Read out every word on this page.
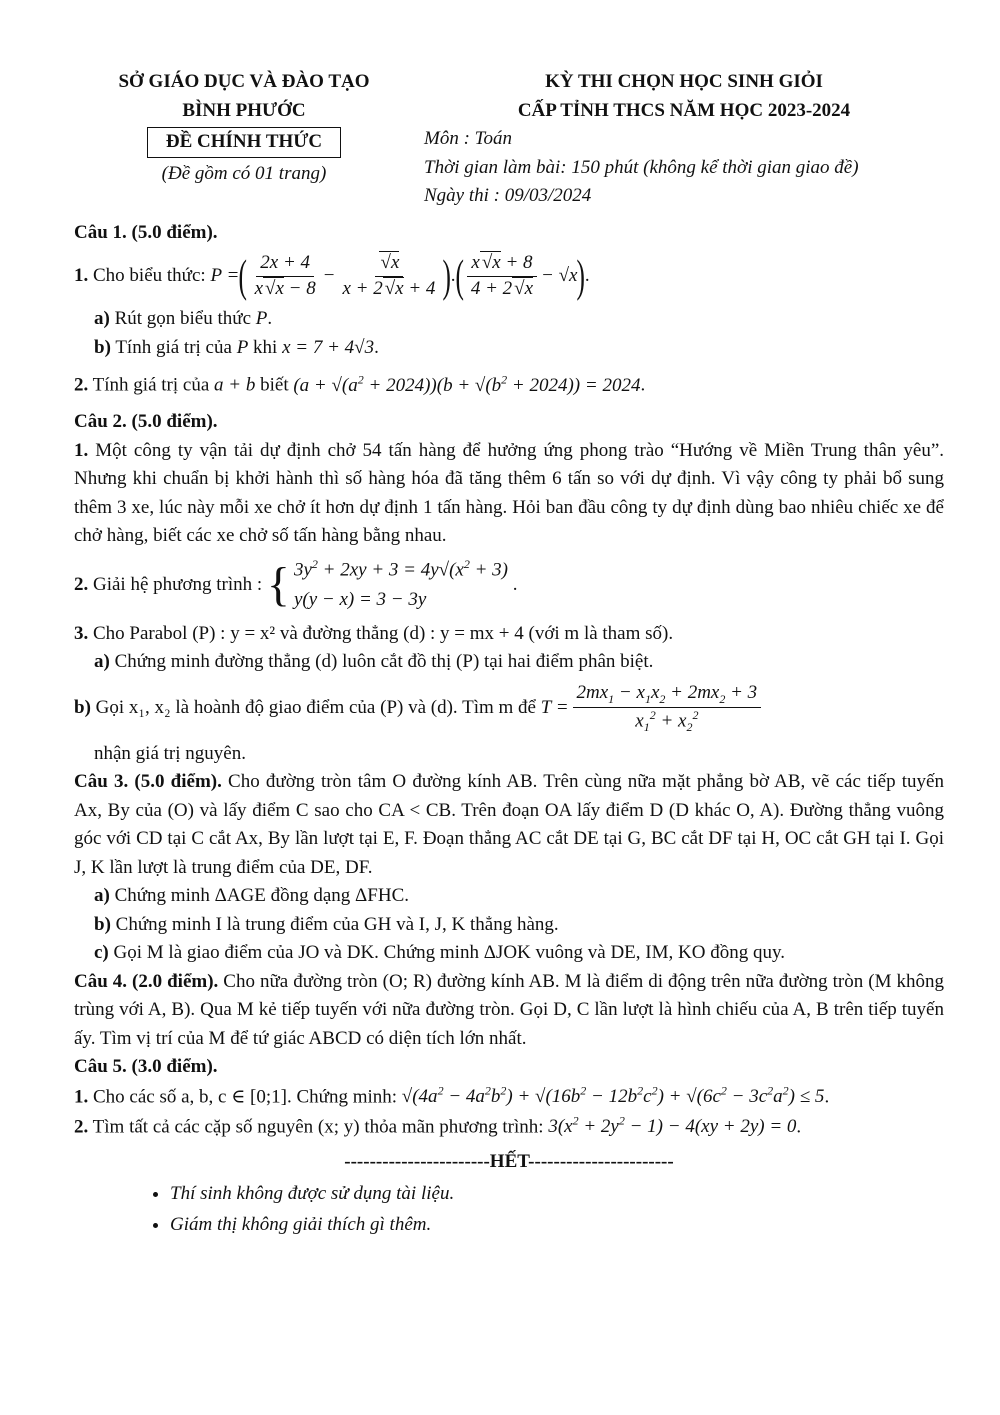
SỞ GIÁO DỤC VÀ ĐÀO TẠO
BÌNH PHƯỚC
ĐỀ CHÍNH THỨC
(Đề gồm có 01 trang)
KỲ THI CHỌN HỌC SINH GIỎI
CẤP TỈNH THCS NĂM HỌC 2023-2024
Môn : Toán
Thời gian làm bài: 150 phút (không kể thời gian giao đề)
Ngày thi : 09/03/2024
Câu 1. (5.0 điểm).
1.
Cho biểu thức:
P = ( $\frac{2x + 4}{x √x - 8} - \frac{√x}{x + 2 √x + 4}$ ) . ( $\frac{x √x + 8}{4 + 2 √x} - √x$ ) .
a) Rút gọn biểu thức P.
b) Tính giá trị của P khi x = 7 + 4√3.
2. Tính giá trị của a + b biết $(a + √(a^2 + 2024))(b + √(b^2 + 2024)) = 2024$.
Câu 2. (5.0 điểm).
1. Một công ty vận tải dự định chở 54 tấn hàng để hưởng ứng phong trào “Hướng về Miền Trung thân yêu”. Nhưng khi chuẩn bị khởi hành thì số hàng hóa đã tăng thêm 6 tấn so với dự định. Vì vậy công ty phải bổ sung thêm 3 xe, lúc này mỗi xe chở ít hơn dự định 1 tấn hàng. Hỏi ban đầu công ty dự định dùng bao nhiêu chiếc xe để chở hàng, biết các xe chở số tấn hàng bằng nhau.
2.
Giải hệ phương trình :
{ $3y^2 + 2xy + 3 = 4y√(x^2 + 3)$
y(y − x) = 3 − 3y
.
3. Cho Parabol (P) : y = x² và đường thẳng (d) : y = mx + 4 (với m là tham số).
a) Chứng minh đường thẳng (d) luôn cắt đồ thị (P) tại hai điểm phân biệt.
b)
Gọi x₁, x₂ là hoành độ giao điểm của (P) và (d). Tìm m để
$T = \frac{2mx_1 - x_1x_2 + 2mx_2 + 3}{x_1^2 + x_2^2}$
nhận giá trị nguyên.
Câu 3. (5.0 điểm). Cho đường tròn tâm O đường kính AB. Trên cùng nữa mặt phẳng bờ AB, vẽ các tiếp tuyến Ax, By của (O) và lấy điểm C sao cho CA < CB. Trên đoạn OA lấy điểm D (D khác O, A). Đường thẳng vuông góc với CD tại C cắt Ax, By lần lượt tại E, F. Đoạn thẳng AC cắt DE tại G, BC cắt DF tại H, OC cắt GH tại I. Gọi J, K lần lượt là trung điểm của DE, DF.
a) Chứng minh ΔAGE đồng dạng ΔFHC.
b) Chứng minh I là trung điểm của GH và I, J, K thẳng hàng.
c) Gọi M là giao điểm của JO và DK. Chứng minh ΔJOK vuông và DE, IM, KO đồng quy.
Câu 4. (2.0 điểm). Cho nữa đường tròn (O; R) đường kính AB. M là điểm di động trên nữa đường tròn (M không trùng với A, B). Qua M kẻ tiếp tuyến với nữa đường tròn. Gọi D, C lần lượt là hình chiếu của A, B trên tiếp tuyến ấy. Tìm vị trí của M để tứ giác ABCD có diện tích lớn nhất.
Câu 5. (3.0 điểm).
1. Cho các số a, b, c ∈ [0;1]. Chứng minh: $√(4a^2 - 4a^2b^2) + √(16b^2 - 12b^2c^2) + √(6c^2 - 3c^2a^2) \le 5$.
2. Tìm tất cả các cặp số nguyên (x; y) thỏa mãn phương trình: $3(x^2 + 2y^2 - 1) - 4(xy + 2y) = 0$.
-----------------------HẾT-----------------------
• Thí sinh không được sử dụng tài liệu.
• Giám thị không giải thích gì thêm.
